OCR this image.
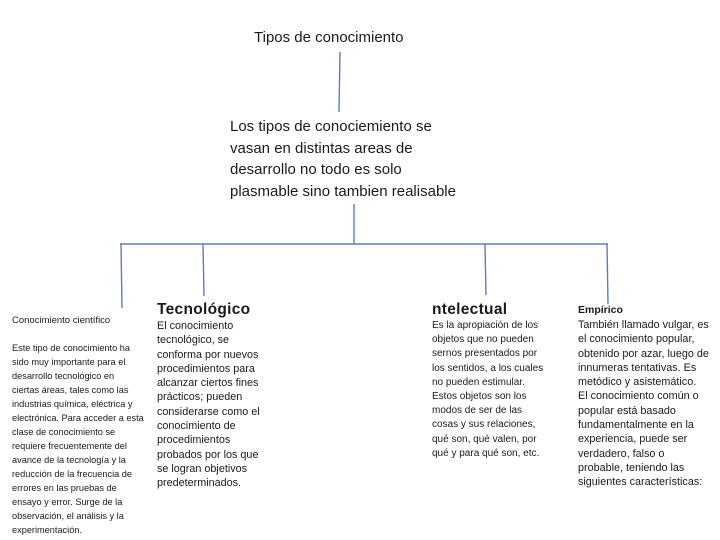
Tipos de conocimiento
Los tipos de conociemiento se
vasan en distintas areas de
desarrollo no todo es solo
plasmable sino tambien realisable
Conocimiento científico
Este tipo de conocimiento ha
sido muy importante para el
desarrollo tecnológico en
ciertas áreas, tales como las
industrias química, eléctrica y
electrónica. Para acceder a esta
clase de conocimiento se
requiere frecuentemente del
avance de la tecnología y la
reducción de la frecuencia de
errores en las pruebas de
ensayo y error. Surge de la
observación, el análisis y la
experimentación.
Tecnológico
El conocimiento
tecnológico, se
conforma por nuevos
procedimientos para
alcanzar ciertos fines
prácticos; pueden
considerarse como el
conocimiento de
procedimientos
probados por los que
se logran objetivos
predeterminados.
ntelectual
Es la apropiación de los
objetos que no pueden
sernos presentados por
los sentidos, a los cuales
no pueden estimular.
Estos objetos son los
modos de ser de las
cosas y sus relaciones,
qué son, qué valen, por
qué y para qué son, etc.
Empírico
También llamado vulgar, es
el conocimiento popular,
obtenido por azar, luego de
innumeras tentativas. Es
metódico y asistemático.
El conocimiento común o
popular está basado
fundamentalmente en la
experiencia, puede ser
verdadero, falso o
probable, teniendo las
siguientes características:
